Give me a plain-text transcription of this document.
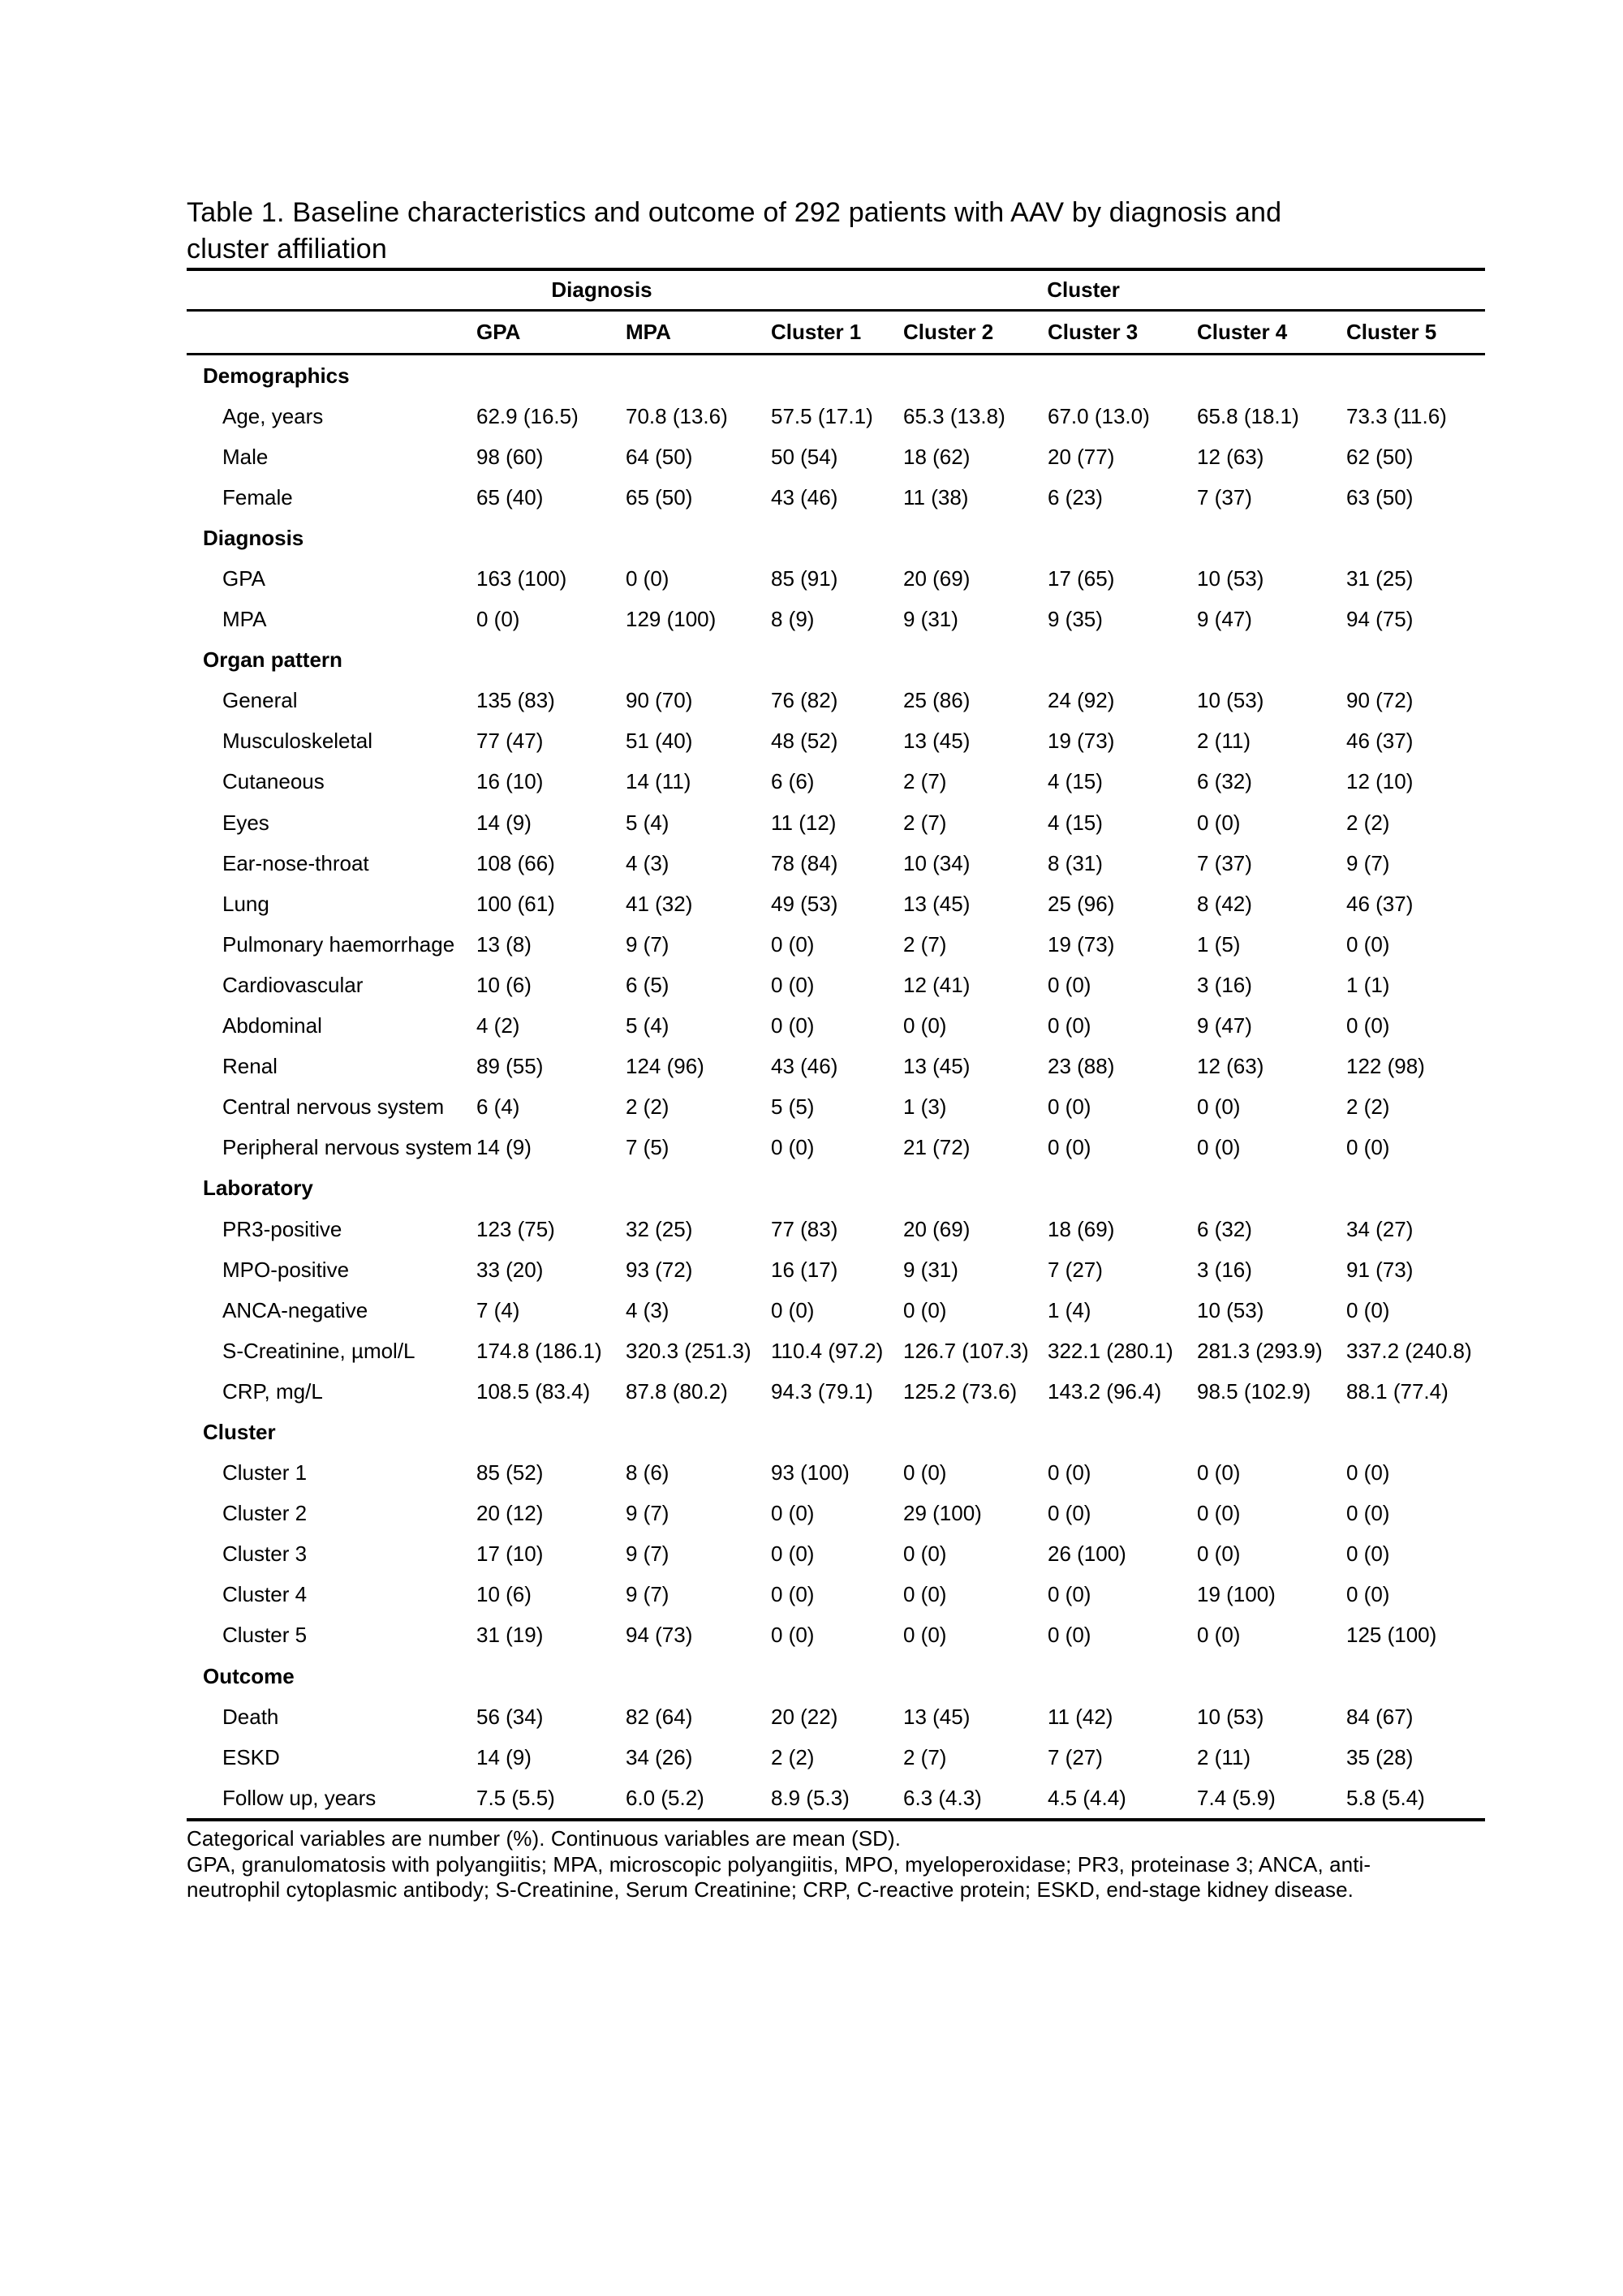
Table 1. Baseline characteristics and outcome of 292 patients with AAV by diagnosis and
cluster affiliation
	Diagnosis		Cluster				
	GPA	MPA	Cluster 1	Cluster 2	Cluster 3	Cluster 4	Cluster 5
Demographics							
Age, years	62.9 (16.5)	70.8 (13.6)	57.5 (17.1)	65.3 (13.8)	67.0 (13.0)	65.8 (18.1)	73.3 (11.6)
Male	98 (60)	64 (50)	50 (54)	18 (62)	20 (77)	12 (63)	62 (50)
Female	65 (40)	65 (50)	43 (46)	11 (38)	6 (23)	7 (37)	63 (50)
Diagnosis							
GPA	163 (100)	0 (0)	85 (91)	20 (69)	17 (65)	10 (53)	31 (25)
MPA	0 (0)	129 (100)	8 (9)	9 (31)	9 (35)	9 (47)	94 (75)
Organ pattern							
General	135 (83)	90 (70)	76 (82)	25 (86)	24 (92)	10 (53)	90 (72)
Musculoskeletal	77 (47)	51 (40)	48 (52)	13 (45)	19 (73)	2 (11)	46 (37)
Cutaneous	16 (10)	14 (11)	6 (6)	2 (7)	4 (15)	6 (32)	12 (10)
Eyes	14 (9)	5 (4)	11 (12)	2 (7)	4 (15)	0 (0)	2 (2)
Ear-nose-throat	108 (66)	4 (3)	78 (84)	10 (34)	8 (31)	7 (37)	9 (7)
Lung	100 (61)	41 (32)	49 (53)	13 (45)	25 (96)	8 (42)	46 (37)
Pulmonary haemorrhage	13 (8)	9 (7)	0 (0)	2 (7)	19 (73)	1 (5)	0 (0)
Cardiovascular	10 (6)	6 (5)	0 (0)	12 (41)	0 (0)	3 (16)	1 (1)
Abdominal	4 (2)	5 (4)	0 (0)	0 (0)	0 (0)	9 (47)	0 (0)
Renal	89 (55)	124 (96)	43 (46)	13 (45)	23 (88)	12 (63)	122 (98)
Central nervous system	6 (4)	2 (2)	5 (5)	1 (3)	0 (0)	0 (0)	2 (2)
Peripheral nervous system	14 (9)	7 (5)	0 (0)	21 (72)	0 (0)	0 (0)	0 (0)
Laboratory							
PR3-positive	123 (75)	32 (25)	77 (83)	20 (69)	18 (69)	6 (32)	34 (27)
MPO-positive	33 (20)	93 (72)	16 (17)	9 (31)	7 (27)	3 (16)	91 (73)
ANCA-negative	7 (4)	4 (3)	0 (0)	0 (0)	1 (4)	10 (53)	0 (0)
S-Creatinine, µmol/L	174.8 (186.1)	320.3 (251.3)	110.4 (97.2)	126.7 (107.3)	322.1 (280.1)	281.3 (293.9)	337.2 (240.8)
CRP, mg/L	108.5 (83.4)	87.8 (80.2)	94.3 (79.1)	125.2 (73.6)	143.2 (96.4)	98.5 (102.9)	88.1 (77.4)
Cluster							
Cluster 1	85 (52)	8 (6)	93 (100)	0 (0)	0 (0)	0 (0)	0 (0)
Cluster 2	20 (12)	9 (7)	0 (0)	29 (100)	0 (0)	0 (0)	0 (0)
Cluster 3	17 (10)	9 (7)	0 (0)	0 (0)	26 (100)	0 (0)	0 (0)
Cluster 4	10 (6)	9 (7)	0 (0)	0 (0)	0 (0)	19 (100)	0 (0)
Cluster 5	31 (19)	94 (73)	0 (0)	0 (0)	0 (0)	0 (0)	125 (100)
Outcome							
Death	56 (34)	82 (64)	20 (22)	13 (45)	11 (42)	10 (53)	84 (67)
ESKD	14 (9)	34 (26)	2 (2)	2 (7)	7 (27)	2 (11)	35 (28)
Follow up, years	7.5 (5.5)	6.0 (5.2)	8.9 (5.3)	6.3 (4.3)	4.5 (4.4)	7.4 (5.9)	5.8 (5.4)
Categorical variables are number (%). Continuous variables are mean (SD).
GPA, granulomatosis with polyangiitis; MPA, microscopic polyangiitis, MPO, myeloperoxidase; PR3, proteinase 3; ANCA, anti-
neutrophil cytoplasmic antibody; S-Creatinine, Serum Creatinine; CRP, C-reactive protein; ESKD, end-stage kidney disease.
